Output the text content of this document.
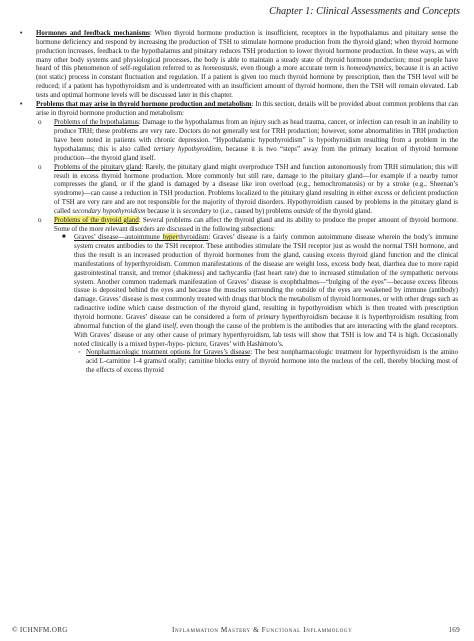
Chapter 1: Clinical Assessments and Concepts

• Hormones and feedback mechanisms: When thyroid hormone production is insufficient, receptors in the hypothalamus and pituitary sense the hormone deficiency and respond by increasing the production of TSH to stimulate hormone production from the thyroid gland; when thyroid hormone production increases, feedback to the hypothalamus and pituitary reduces TSH production to lower thyroid hormone production. In these ways, as with many other body systems and physiological processes, the body is able to maintain a steady state of thyroid hormone production; most people have heard of this phenomenon of self-regulation referred to as homeostasis, even though a more accurate term is homeodynamics, because it is an active (not static) process in constant fluctuation and regulation. If a patient is given too much thyroid hormone by prescription, then the TSH level will be reduced; if a patient has hypothyroidism and is undertreated with an insufficient amount of thyroid hormone, then the TSH will remain elevated. Lab tests and optimal hormone levels will be discussed later in this chapter.

• Problems that may arise in thyroid hormone production and metabolism: In this section, details will be provided about common problems that can arise in thyroid hormone production and metabolism:

o Problems of the hypothalamus: Damage to the hypothalamus from an injury such as head trauma, cancer, or infection can result in an inability to produce TRH; these problems are very rare. Doctors do not generally test for TRH production; however, some abnormalities in TRH production have been noted in patients with chronic depression. “Hypothalamic hypothyroidism” is hypothyroidism resulting from a problem in the hypothalamus; this is also called tertiary hypothyroidism, because it is two “steps” away from the primary location of thyroid hormone production—the thyroid gland itself.

o Problems of the pituitary gland: Rarely, the pituitary gland might overproduce TSH and function autonomously from TRH stimulation; this will result in excess thyroid hormone production. More commonly but still rare, damage to the pituitary gland—for example if a nearby tumor compresses the gland, or if the gland is damaged by a disease like iron overload (e.g., hemochromatosis) or by a stroke (e.g., Sheenan’s syndrome)—can cause a reduction in TSH production. Problems localized to the pituitary gland resulting in either excess or deficient production of TSH are very rare and are not responsible for the majority of thyroid disorders. Hypothyroidism caused by problems in the pituitary gland is called secondary hypothyroidism because it is secondary to (i.e., caused by) problems outside of the thyroid gland.

o Problems of the thyroid gland: Several problems can affect the thyroid gland and its ability to produce the proper amount of thyroid hormone. Some of the more relevant disorders are discussed in the following subsections:

■ Graves’ disease—autoimmune hyperthyroidism: Graves’ disease is a fairly common autoimmune disease wherein the body’s immune system creates antibodies to the TSH receptor. These antibodies stimulate the TSH receptor just as would the normal TSH hormone, and thus the result is an increased production of thyroid hormones from the gland, causing excess thyroid gland function and the clinical manifestations of hyperthyroidism. Common manifestations of the disease are weight loss, excess body heat, diarrhea due to more rapid gastrointestinal transit, and tremor (shakiness) and tachycardia (fast heart rate) due to increased stimulation of the sympathetic nervous system. Another common trademark manifestation of Graves’ disease is exophthalmos—“bulging of the eyes”—because excess fibrous tissue is deposited behind the eyes and because the muscles surrounding the outside of the eyes are weakened by immune (antibody) damage. Graves’ disease is most commonly treated with drugs that block the metabolism of thyroid hormones, or with other drugs such as radioactive iodine which cause destruction of the thyroid gland, resulting in hypothyroidism which is then treated with prescription thyroid hormone. Graves’ disease can be considered a form of primary hyperthyroidism because it is hyperthyroidism resulting from abnormal function of the gland itself, even though the cause of the problem is the antibodies that are interacting with the gland receptors. With Graves’ disease or any other cause of primary hyperthyroidism, lab tests will show that TSH is low and T4 is high. Occasionally noted clinically is a mixed hyper-/hypo- picture, Graves’ with Hashimoto’s.

◦ Nonpharmacologic treatment options for Graves’s disease: The best nonpharmacologic treatment for hyperthyroidism is the amino acid L-carnitine 1-4 grams/d orally; carnitine blocks entry of thyroid hormone into the nucleus of the cell, thereby blocking most of the effects of excess thyroid

© ICHNFM.ORG	Inflammation Mastery & Functional Inflammology	169
